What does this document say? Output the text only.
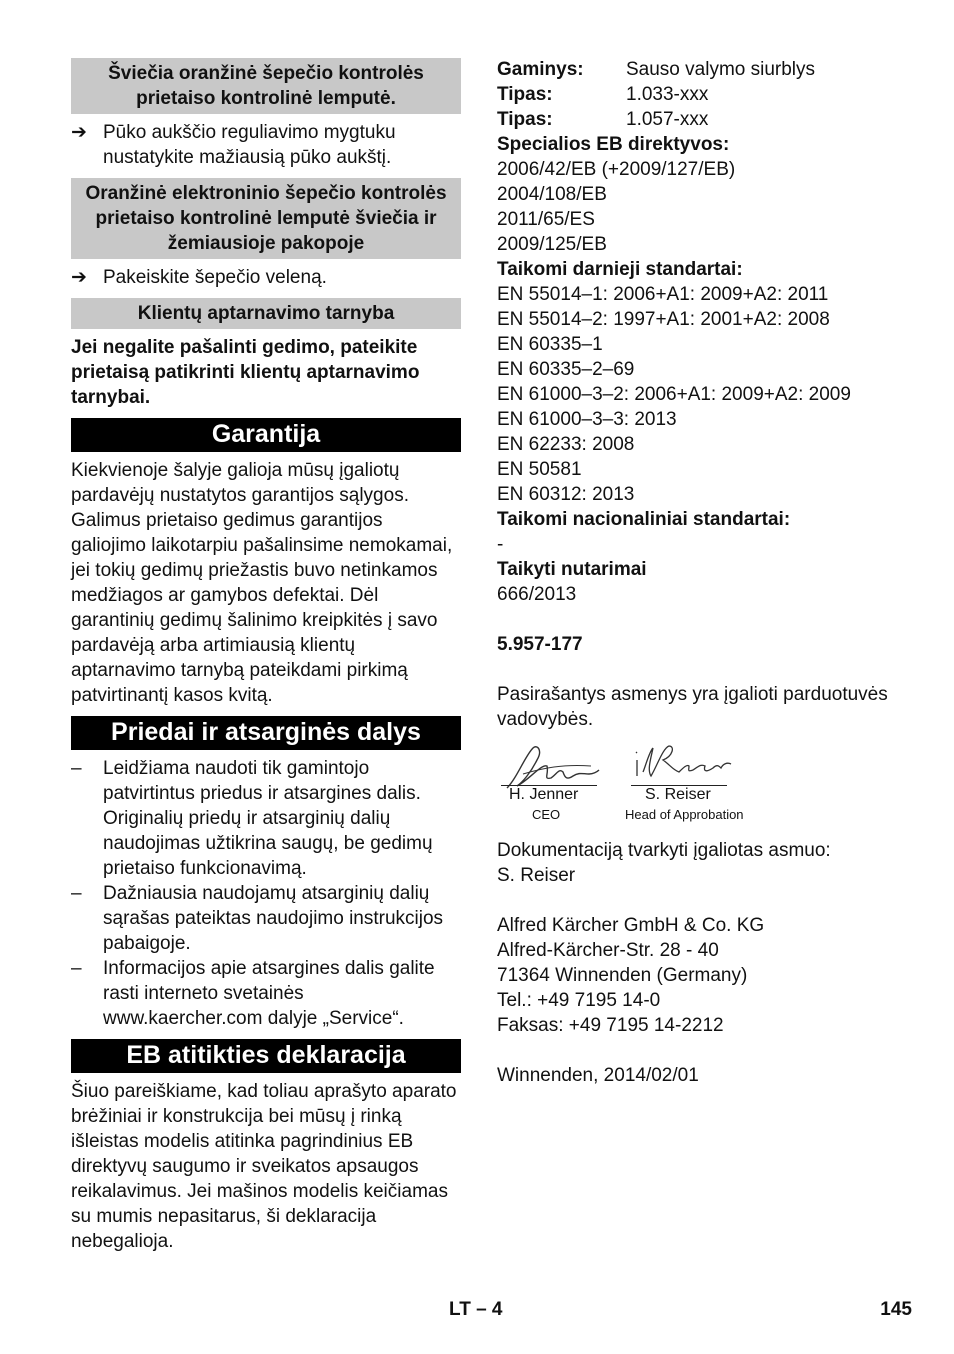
Šviečia oranžinė šepečio kontrolės prietaiso kontrolinė lemputė.
➔ Pūko aukščio reguliavimo mygtuku nustatykite mažiausią pūko aukštį.
Oranžinė elektroninio šepečio kontrolės prietaiso kontrolinė lemputė šviečia ir žemiausioje pakopoje
➔ Pakeiskite šepečio veleną.
Klientų aptarnavimo tarnyba

Jei negalite pašalinti gedimo, pateikite prietaisą patikrinti klientų aptarnavimo tarnybai.

Garantija

Kiekvienoje šalyje galioja mūsų įgaliotų pardavėjų nustatytos garantijos sąlygos. Galimus prietaiso gedimus garantijos galiojimo laikotarpiu pašalinsime nemokamai, jei tokių gedimų priežastis buvo netinkamos medžiagos ar gamybos defektai. Dėl garantinių gedimų šalinimo kreipkitės į savo pardavėją arba artimiausią klientų aptarnavimo tarnybą pateikdami pirkimą patvirtinantį kasos kvitą.

Priedai ir atsarginės dalys
–	Leidžiama naudoti tik gamintojo patvirtintus priedus ir atsargines dalis. Originalių priedų ir atsarginių dalių naudojimas užtikrina saugų, be gedimų prietaiso funkcionavimą.
–	Dažniausia naudojamų atsarginių dalių sąrašas pateiktas naudojimo instrukcijos pabaigoje.
–	Informacijos apie atsargines dalis galite rasti interneto svetainės www.kaercher.com dalyje „Service“.
EB atitikties deklaracija

Šiuo pareiškiame, kad toliau aprašyto aparato brėžiniai ir konstrukcija bei mūsų į rinką išleistas modelis atitinka pagrindinius EB direktyvų saugumo ir sveikatos apsaugos reikalavimus. Jei mašinos modelis keičiamas su mumis nepasitarus, ši deklaracija nebegalioja.

Gaminys:	Sauso valymo siurblys
Tipas:	1.033-xxx
Tipas:	1.057-xxx
Specialios EB direktyvos:
2006/42/EB (+2009/127/EB)
2004/108/EB
2011/65/ES
2009/125/EB
Taikomi darnieji standartai:
EN 55014–1: 2006+A1: 2009+A2: 2011
EN 55014–2: 1997+A1: 2001+A2: 2008
EN 60335–1
EN 60335–2–69
EN 61000–3–2: 2006+A1: 2009+A2: 2009
EN 61000–3–3: 2013
EN 62233: 2008
EN 50581
EN 60312: 2013
Taikomi nacionaliniai standartai:
-
Taikyti nutarimai
666/2013
5.957-177
Pasirašantys asmenys yra įgalioti parduotuvės vadovybės.
H. Jenner
CEO
S. Reiser
Head of Approbation
Dokumentaciją tvarkyti įgaliotas asmuo:
S. Reiser
Alfred Kärcher GmbH & Co. KG
Alfred-Kärcher-Str. 28 - 40
71364 Winnenden (Germany)
Tel.: +49 7195 14-0
Faksas: +49 7195 14-2212
Winnenden, 2014/02/01
LT – 4	145
